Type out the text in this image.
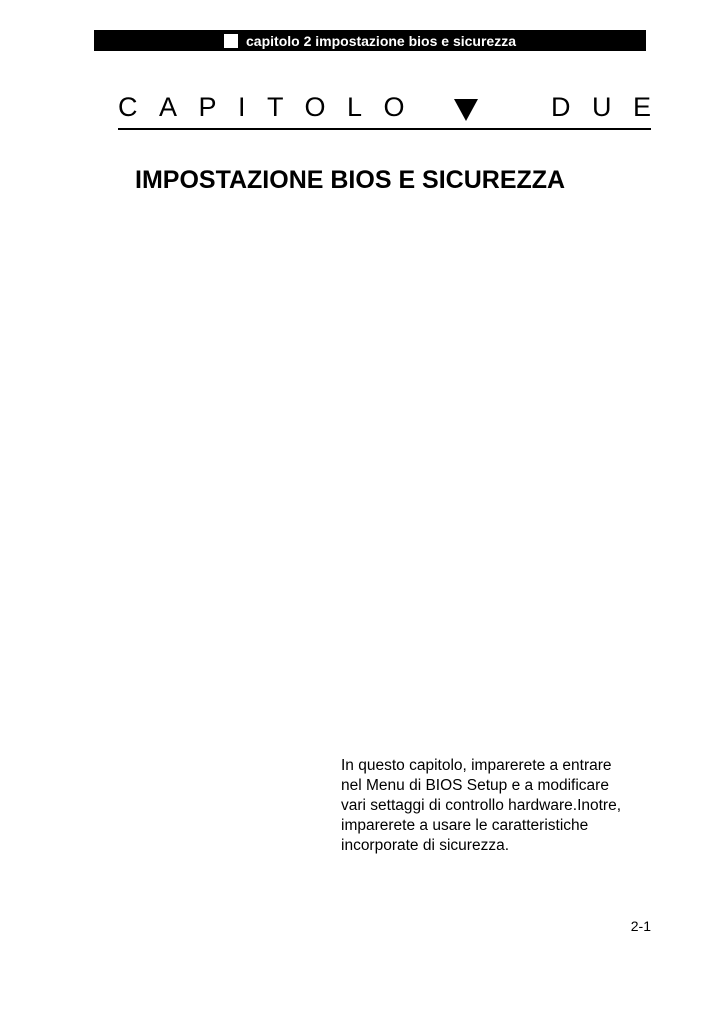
capitolo 2 impostazione bios e sicurezza
CAPITOLO	DUE
IMPOSTAZIONE BIOS E SICUREZZA
In questo capitolo, imparerete a entrare
nel Menu di BIOS Setup e a modificare
vari settaggi di controllo hardware.Inotre,
imparerete a usare le caratteristiche
incorporate di sicurezza.
2-1
